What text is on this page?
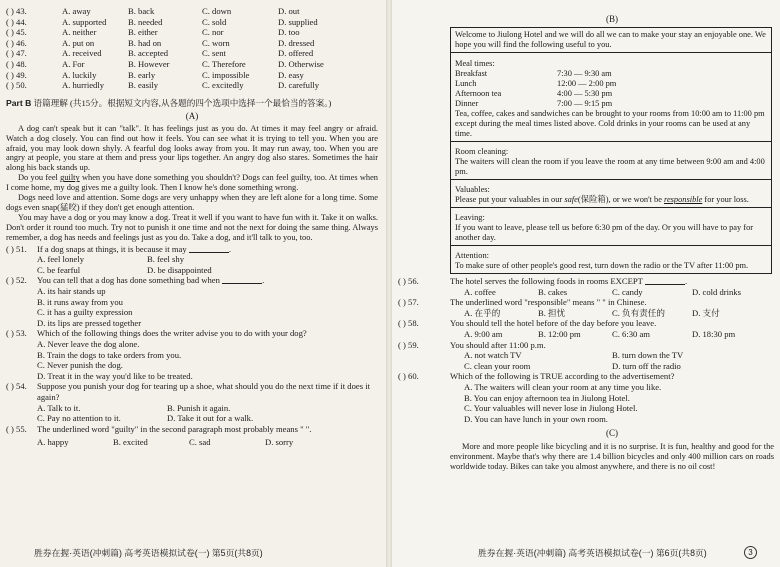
( ) 43.	A. away	B. back	C. down	D. out
( ) 44.	A. supported	B. needed	C. sold	D. supplied
( ) 45.	A. neither	B. either	C. nor	D. too
( ) 46.	A. put on	B. had on	C. worn	D. dressed
( ) 47.	A. received	B. accepted	C. sent	D. offered
( ) 48.	A. For	B. However	C. Therefore	D. Otherwise
( ) 49.	A. luckily	B. early	C. impossible	D. easy
( ) 50.	A. hurriedly	B. easily	C. excitedly	D. carefully
Part B 语篇理解 (共15分。根据短文内容,从各题的四个选项中选择一个最恰当的答案。)
(A)

A dog can't speak but it can "talk". It has feelings just as you do. At times it may feel angry or afraid. Watch a dog closely. You can find out how it feels. You can see what it is trying to tell you. When you are afraid, you may look down shyly. A fearful dog looks away from you. It may run away, too. When you are angry at people, you stare at them and press your lips together. An angry dog also stares. Sometimes the hair along his back stands up.

Do you feel guilty when you have done something you shouldn't? Dogs can feel guilty, too. At times when I come home, my dog gives me a guilty look. Then I know he's done something wrong.

Dogs need love and attention. Some dogs are very unhappy when they are left alone for a long time. Some dogs even snap(猛咬) if they don't get enough attention.

You may have a dog or you may know a dog. Treat it well if you want to have fun with it. Take it on walks. Don't order it round too much. Try not to punish it one time and not the next for doing the same thing. Always remember, a dog has needs and feelings just as you do. Take a dog, and it'll talk to you, too.

( ) 51.	If a dog snaps at things, it is because it may
	.
A. feel lonely	B. feel shy
C. be fearful	D. be disappointed
( ) 52.	You can tell that a dog has done something bad when
	.
A. its hair stands up
B. it runs away from you
C. it has a guilty expression
D. its lips are pressed together
( ) 53.	Which of the following things does the writer advise you to do with your dog?
A. Never leave the dog alone.
B. Train the dogs to take orders from you.
C. Never punish the dog.
D. Treat it in the way you'd like to be treated.
( ) 54.	Suppose you punish your dog for tearing up a shoe, what should you do the next time if it does it again?
A. Talk to it.	B. Punish it again.
C. Pay no attention to it.	D. Take it out for a walk.
( ) 55.	The underlined word "guilty" in the second paragraph most probably means " ".
A. happy	B. excited	C. sad	D. sorry
胜券在握·英语(冲刺篇) 高考英语模拟试卷(一) 第5页(共8页)
(B)
Welcome to Jiulong Hotel and we will do all we can to make your stay an enjoyable one. We hope you will find the following useful to you.
Meal times:
Breakfast	7:30 — 9:30 am
Lunch	12:00 — 2:00 pm
Afternoon tea	4:00 — 5:30 pm
Dinner	7:00 — 9:15 pm
Tea, coffee, cakes and sandwiches can be brought to your rooms from 10:00 am to 11:00 pm except during the meal times listed above. Cold drinks in your rooms can be used at any time.
Room cleaning:
The waiters will clean the room if you leave the room at any time between 9:00 am and 4:00 pm.
Valuables:
Please put your valuables in our safe(保险箱), or we won't be responsible for your loss.
Leaving:
If you want to leave, please tell us before 6:30 pm of the day. Or you will have to pay for another day.
Attention:
To make sure of other people's good rest, turn down the radio or the TV after 11:00 pm.
( ) 56.	The hotel serves the following foods in rooms EXCEPT
	.
A. coffee	B. cakes	C. candy	D. cold drinks
( ) 57.	The underlined word "responsible" means " " in Chinese.
A. 在乎的	B. 担忧	C. 负有责任的	D. 支付
( ) 58.	You should tell the hotel before of the day before you leave.
A. 9:00 am	B. 12:00 pm	C. 6:30 am	D. 18:30 pm
( ) 59.	You should after 11:00 p.m.
A. not watch TV	B. turn down the TV
C. clean your room	D. turn off the radio
( ) 60.	Which of the following is TRUE according to the advertisement?
A. The waiters will clean your room at any time you like.
B. You can enjoy afternoon tea in Jiulong Hotel.
C. Your valuables will never lose in Jiulong Hotel.
D. You can have lunch in your own room.
(C)

More and more people like bicycling and it is no surprise. It is fun, healthy and good for the environment. Maybe that's why there are 1.4 billion bicycles and only 400 million cars on roads worldwide today. Bikes can take you almost anywhere, and there is no oil cost!

胜券在握·英语(冲刺篇) 高考英语模拟试卷(一) 第6页(共8页)	3
